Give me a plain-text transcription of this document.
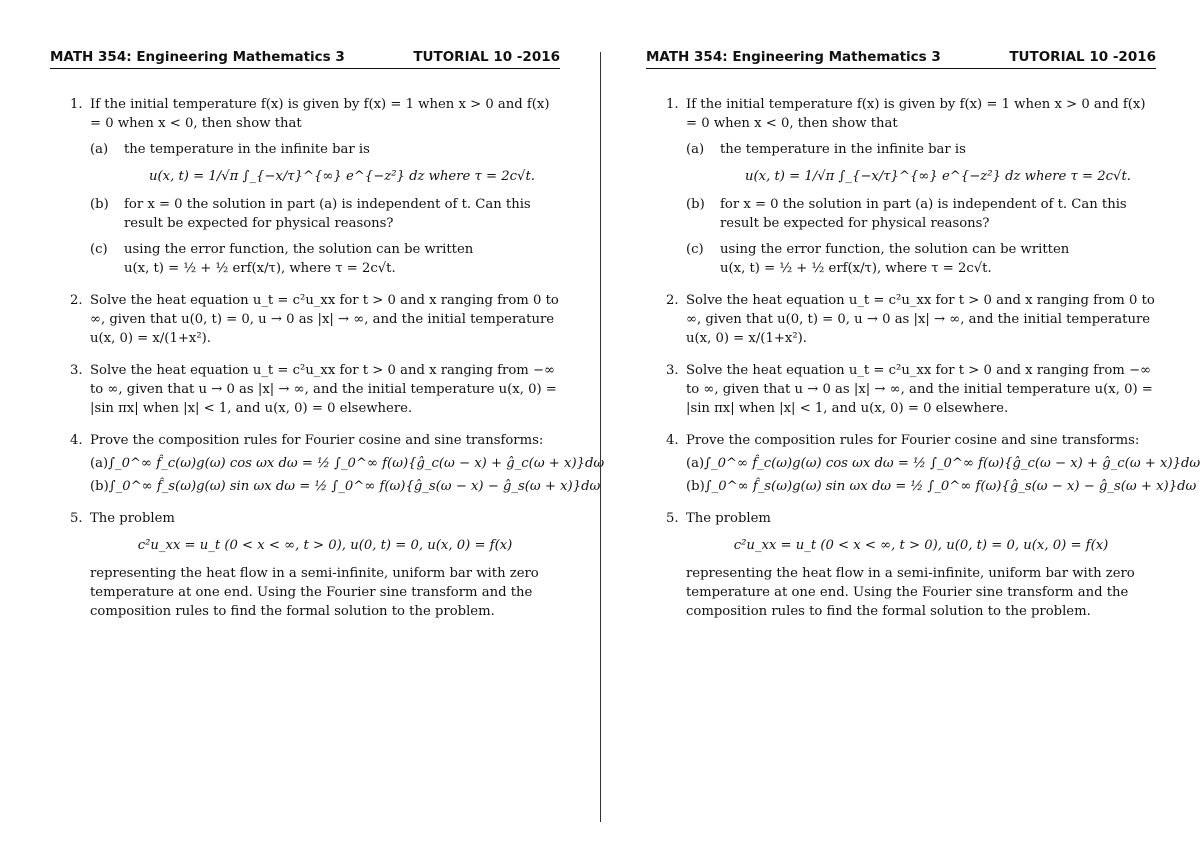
MATH 354: Engineering Mathematics 3	TUTORIAL 10 -2016
1. If the initial temperature f(x) is given by f(x) = 1 when x > 0 and f(x) = 0 when x < 0, then show that
(a) the temperature in the infinite bar is
u(x, t) = 1/√π ∫_{−x/τ}^{∞} e^{−z²} dz where τ = 2c√t.
(b) for x = 0 the solution in part (a) is independent of t. Can this result be expected for physical reasons?
(c) using the error function, the solution can be written
u(x, t) = ½ + ½ erf(x/τ), where τ = 2c√t.
2. Solve the heat equation u_t = c²u_xx for t > 0 and x ranging from 0 to ∞, given that u(0, t) = 0, u → 0 as |x| → ∞, and the initial temperature u(x, 0) = x/(1+x²).
3. Solve the heat equation u_t = c²u_xx for t > 0 and x ranging from −∞ to ∞, given that u → 0 as |x| → ∞, and the initial temperature u(x, 0) = |sin πx| when |x| < 1, and u(x, 0) = 0 elsewhere.
4. Prove the composition rules for Fourier cosine and sine transforms:
(a) ∫_0^∞ f̂_c(ω)g(ω) cos ωx dω = ½ ∫_0^∞ f(ω){ĝ_c(ω − x) + ĝ_c(ω + x)}dω
(b) ∫_0^∞ f̂_s(ω)g(ω) sin ωx dω = ½ ∫_0^∞ f(ω){ĝ_s(ω − x) − ĝ_s(ω + x)}dω
5. The problem
c²u_xx = u_t (0 < x < ∞, t > 0), u(0, t) = 0, u(x, 0) = f(x)
representing the heat flow in a semi-infinite, uniform bar with zero temperature at one end. Using the Fourier sine transform and the composition rules to find the formal solution to the problem.
MATH 354: Engineering Mathematics 3	TUTORIAL 10 -2016
1. If the initial temperature f(x) is given by f(x) = 1 when x > 0 and f(x) = 0 when x < 0, then show that
(a) the temperature in the infinite bar is
u(x, t) = 1/√π ∫_{−x/τ}^{∞} e^{−z²} dz where τ = 2c√t.
(b) for x = 0 the solution in part (a) is independent of t. Can this result be expected for physical reasons?
(c) using the error function, the solution can be written
u(x, t) = ½ + ½ erf(x/τ), where τ = 2c√t.
2. Solve the heat equation u_t = c²u_xx for t > 0 and x ranging from 0 to ∞, given that u(0, t) = 0, u → 0 as |x| → ∞, and the initial temperature u(x, 0) = x/(1+x²).
3. Solve the heat equation u_t = c²u_xx for t > 0 and x ranging from −∞ to ∞, given that u → 0 as |x| → ∞, and the initial temperature u(x, 0) = |sin πx| when |x| < 1, and u(x, 0) = 0 elsewhere.
4. Prove the composition rules for Fourier cosine and sine transforms:
(a) ∫_0^∞ f̂_c(ω)g(ω) cos ωx dω = ½ ∫_0^∞ f(ω){ĝ_c(ω − x) + ĝ_c(ω + x)}dω
(b) ∫_0^∞ f̂_s(ω)g(ω) sin ωx dω = ½ ∫_0^∞ f(ω){ĝ_s(ω − x) − ĝ_s(ω + x)}dω
5. The problem
c²u_xx = u_t (0 < x < ∞, t > 0), u(0, t) = 0, u(x, 0) = f(x)
representing the heat flow in a semi-infinite, uniform bar with zero temperature at one end. Using the Fourier sine transform and the composition rules to find the formal solution to the problem.
